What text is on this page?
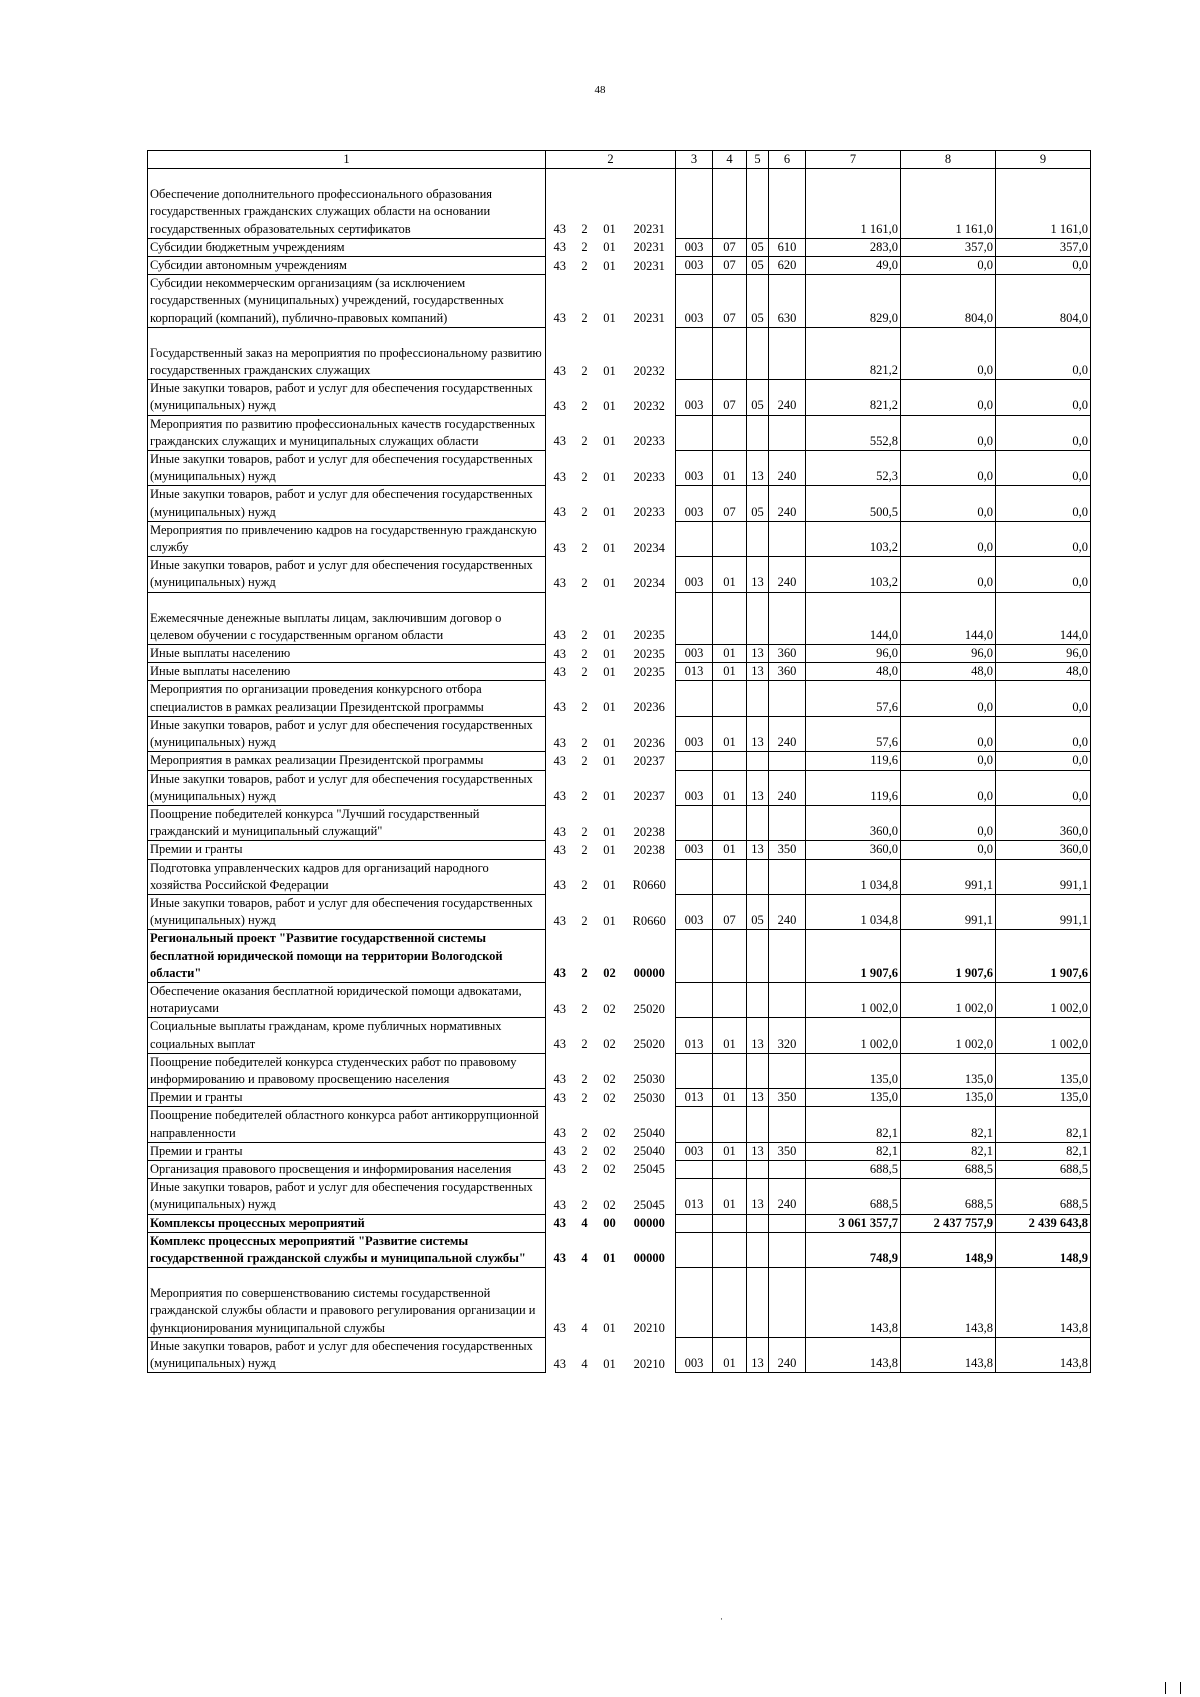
48
1	2				3	4	5	6	7	8	9
Обеспечение дополнительного профессионального образования государственных гражданских служащих области на основании государственных образовательных сертификатов	43	2	01	20231					1 161,0	1 161,0	1 161,0
Субсидии бюджетным учреждениям	43	2	01	20231	003	07	05	610	283,0	357,0	357,0
Субсидии автономным учреждениям	43	2	01	20231	003	07	05	620	49,0	0,0	0,0
Субсидии некоммерческим организациям (за исключением государственных (муниципальных) учреждений, государственных корпораций (компаний), публично-правовых компаний)	43	2	01	20231	003	07	05	630	829,0	804,0	804,0
Государственный заказ на мероприятия по профессиональному развитию государственных гражданских служащих	43	2	01	20232					821,2	0,0	0,0
Иные закупки товаров, работ и услуг для обеспечения государственных (муниципальных) нужд	43	2	01	20232	003	07	05	240	821,2	0,0	0,0
Мероприятия по развитию профессиональных качеств государственных гражданских служащих и муниципальных служащих области	43	2	01	20233					552,8	0,0	0,0
Иные закупки товаров, работ и услуг для обеспечения государственных (муниципальных) нужд	43	2	01	20233	003	01	13	240	52,3	0,0	0,0
Иные закупки товаров, работ и услуг для обеспечения государственных (муниципальных) нужд	43	2	01	20233	003	07	05	240	500,5	0,0	0,0
Мероприятия по привлечению кадров на государственную гражданскую службу	43	2	01	20234					103,2	0,0	0,0
Иные закупки товаров, работ и услуг для обеспечения государственных (муниципальных) нужд	43	2	01	20234	003	01	13	240	103,2	0,0	0,0
Ежемесячные денежные выплаты лицам, заключившим договор о целевом обучении с государственным органом области	43	2	01	20235					144,0	144,0	144,0
Иные выплаты населению	43	2	01	20235	003	01	13	360	96,0	96,0	96,0
Иные выплаты населению	43	2	01	20235	013	01	13	360	48,0	48,0	48,0
Мероприятия по организации проведения конкурсного отбора специалистов в рамках реализации Президентской программы	43	2	01	20236					57,6	0,0	0,0
Иные закупки товаров, работ и услуг для обеспечения государственных (муниципальных) нужд	43	2	01	20236	003	01	13	240	57,6	0,0	0,0
Мероприятия в рамках реализации Президентской программы	43	2	01	20237					119,6	0,0	0,0
Иные закупки товаров, работ и услуг для обеспечения государственных (муниципальных) нужд	43	2	01	20237	003	01	13	240	119,6	0,0	0,0
Поощрение победителей конкурса "Лучший государственный гражданский и муниципальный служащий"	43	2	01	20238					360,0	0,0	360,0
Премии и гранты	43	2	01	20238	003	01	13	350	360,0	0,0	360,0
Подготовка управленческих кадров для организаций народного хозяйства Российской Федерации	43	2	01	R0660					1 034,8	991,1	991,1
Иные закупки товаров, работ и услуг для обеспечения государственных (муниципальных) нужд	43	2	01	R0660	003	07	05	240	1 034,8	991,1	991,1
Региональный проект "Развитие государственной системы бесплатной юридической помощи на территории Вологодской области"	43	2	02	00000					1 907,6	1 907,6	1 907,6
Обеспечение оказания бесплатной юридической помощи адвокатами, нотариусами	43	2	02	25020					1 002,0	1 002,0	1 002,0
Социальные выплаты гражданам, кроме публичных нормативных социальных выплат	43	2	02	25020	013	01	13	320	1 002,0	1 002,0	1 002,0
Поощрение победителей конкурса студенческих работ по правовому информированию и правовому просвещению населения	43	2	02	25030					135,0	135,0	135,0
Премии и гранты	43	2	02	25030	013	01	13	350	135,0	135,0	135,0
Поощрение победителей областного конкурса работ антикоррупционной направленности	43	2	02	25040					82,1	82,1	82,1
Премии и гранты	43	2	02	25040	003	01	13	350	82,1	82,1	82,1
Организация правового просвещения и информирования населения	43	2	02	25045					688,5	688,5	688,5
Иные закупки товаров, работ и услуг для обеспечения государственных (муниципальных) нужд	43	2	02	25045	013	01	13	240	688,5	688,5	688,5
Комплексы процессных мероприятий	43	4	00	00000					3 061 357,7	2 437 757,9	2 439 643,8
Комплекс процессных мероприятий "Развитие системы государственной гражданской службы и муниципальной службы"	43	4	01	00000					748,9	148,9	148,9
Мероприятия по совершенствованию системы государственной гражданской службы области и правового регулирования организации и функционирования муниципальной службы	43	4	01	20210					143,8	143,8	143,8
Иные закупки товаров, работ и услуг для обеспечения государственных (муниципальных) нужд	43	4	01	20210	003	01	13	240	143,8	143,8	143,8
·
